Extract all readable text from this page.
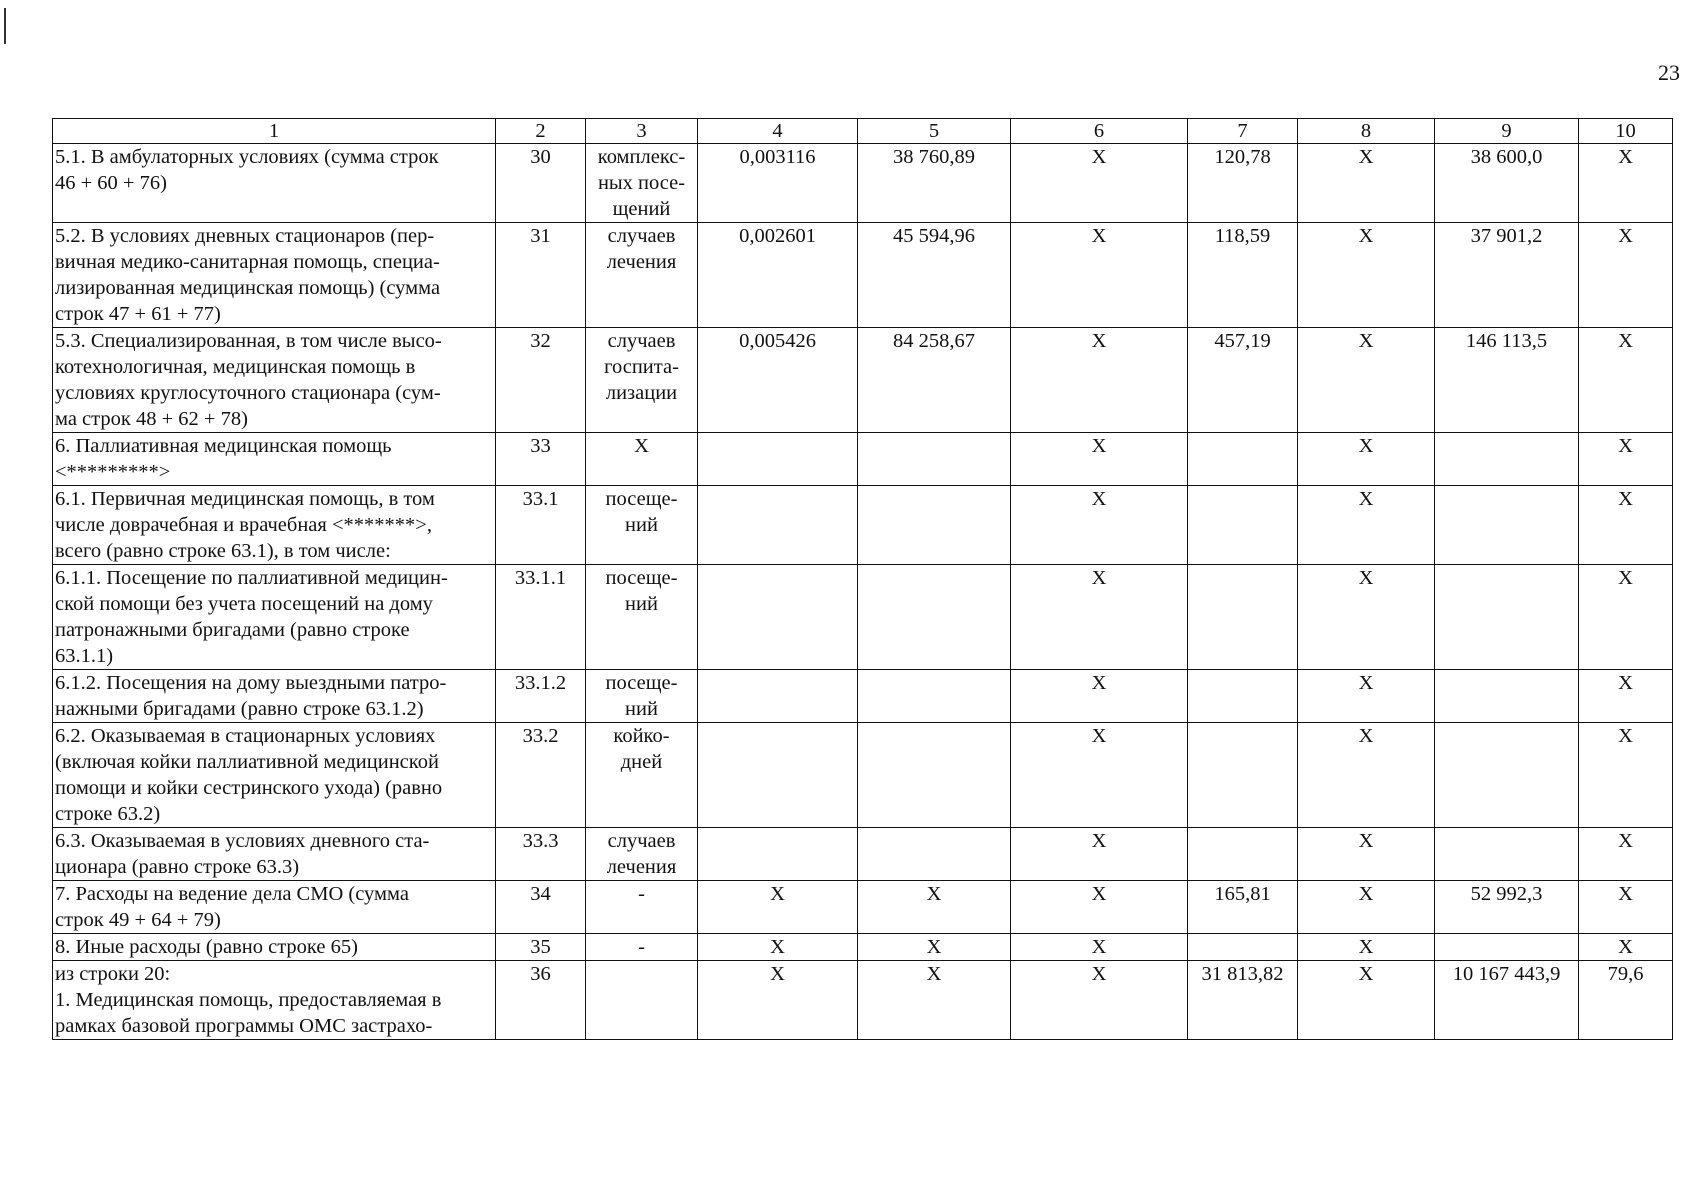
23
1	2	3	4	5	6	7	8	9	10

5.1. В амбулаторных условиях (сумма строк
46 + 60 + 76)	30	комплекс-
ных посе-
щений	0,003116	38 760,89	X	120,78	X	38 600,0	X

5.2. В условиях дневных стационаров (пер-
вичная медико-санитарная помощь, специа-
лизированная медицинская помощь) (сумма
строк 47 + 61 + 77)	31	случаев
лечения	0,002601	45 594,96	X	118,59	X	37 901,2	X

5.3. Специализированная, в том числе высо-
котехнологичная, медицинская помощь в
условиях круглосуточного стационара (сум-
ма строк 48 + 62 + 78)	32	случаев
госпита-
лизации	0,005426	84 258,67	X	457,19	X	146 113,5	X

6. Паллиативная медицинская помощь
<*********>	33	X			X		X		X

6.1. Первичная медицинская помощь, в том
числе доврачебная и врачебная <*******>,
всего (равно строке 63.1), в том числе:	33.1	посеще-
ний			X		X		X

6.1.1. Посещение по паллиативной медицин-
ской помощи без учета посещений на дому
патронажными бригадами (равно строке
63.1.1)	33.1.1	посеще-
ний			X		X		X

6.1.2. Посещения на дому выездными патро-
нажными бригадами (равно строке 63.1.2)	33.1.2	посеще-
ний			X		X		X

6.2. Оказываемая в стационарных условиях
(включая койки паллиативной медицинской
помощи и койки сестринского ухода) (равно
строке 63.2)	33.2	койко-
дней			X		X		X

6.3. Оказываемая в условиях дневного ста-
ционара (равно строке 63.3)	33.3	случаев
лечения			X		X		X

7. Расходы на ведение дела СМО (сумма
строк 49 + 64 + 79)	34	-	X	X	X	165,81	X	52 992,3	X

8. Иные расходы (равно строке 65)	35	-	X	X	X		X		X

из строки 20:
1. Медицинская помощь, предоставляемая в
рамках базовой программы ОМС застрахо-	36		X	X	X	31 813,82	X	10 167 443,9	79,6
